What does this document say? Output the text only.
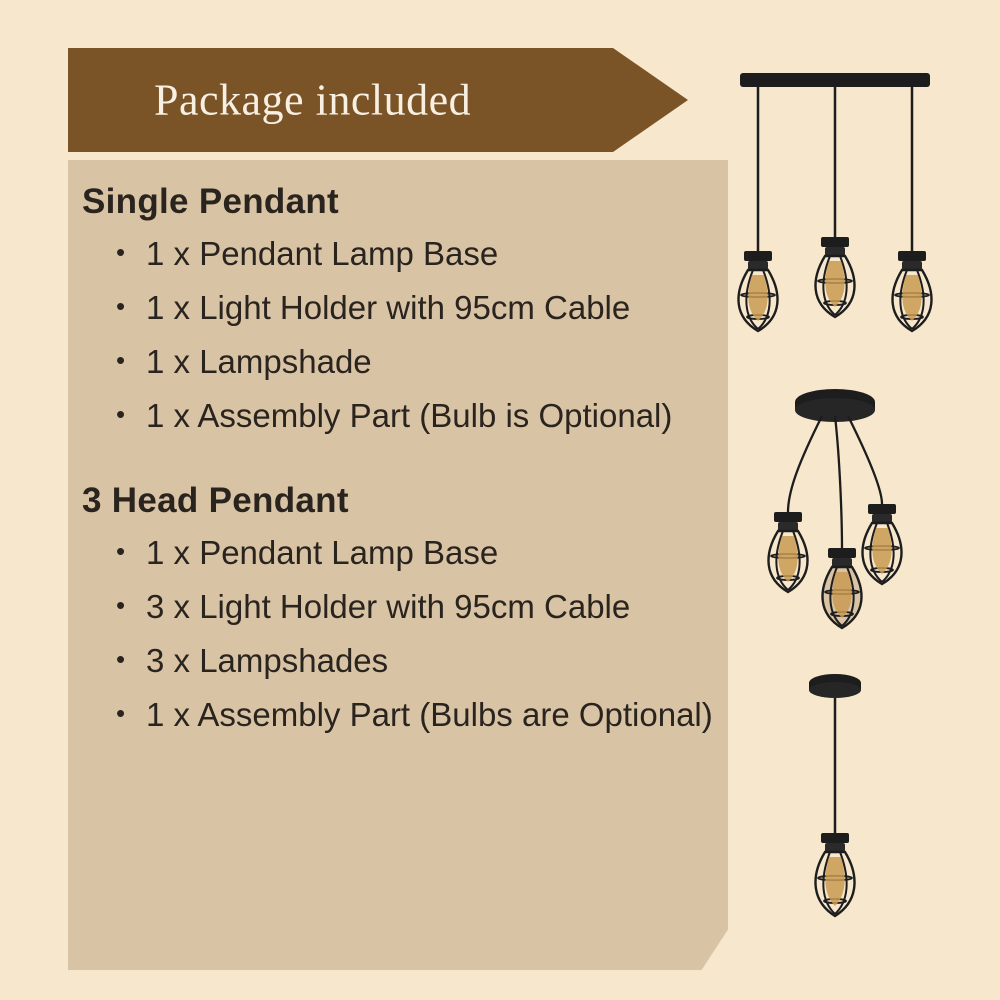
Package included
Single Pendant
• 1 x Pendant Lamp Base
• 1 x Light Holder with 95cm Cable
• 1 x Lampshade
• 1 x Assembly Part (Bulb is Optional)
3 Head Pendant
• 1 x Pendant Lamp Base
• 3 x Light Holder with 95cm Cable
• 3 x Lampshades
• 1 x Assembly Part (Bulbs are Optional)
